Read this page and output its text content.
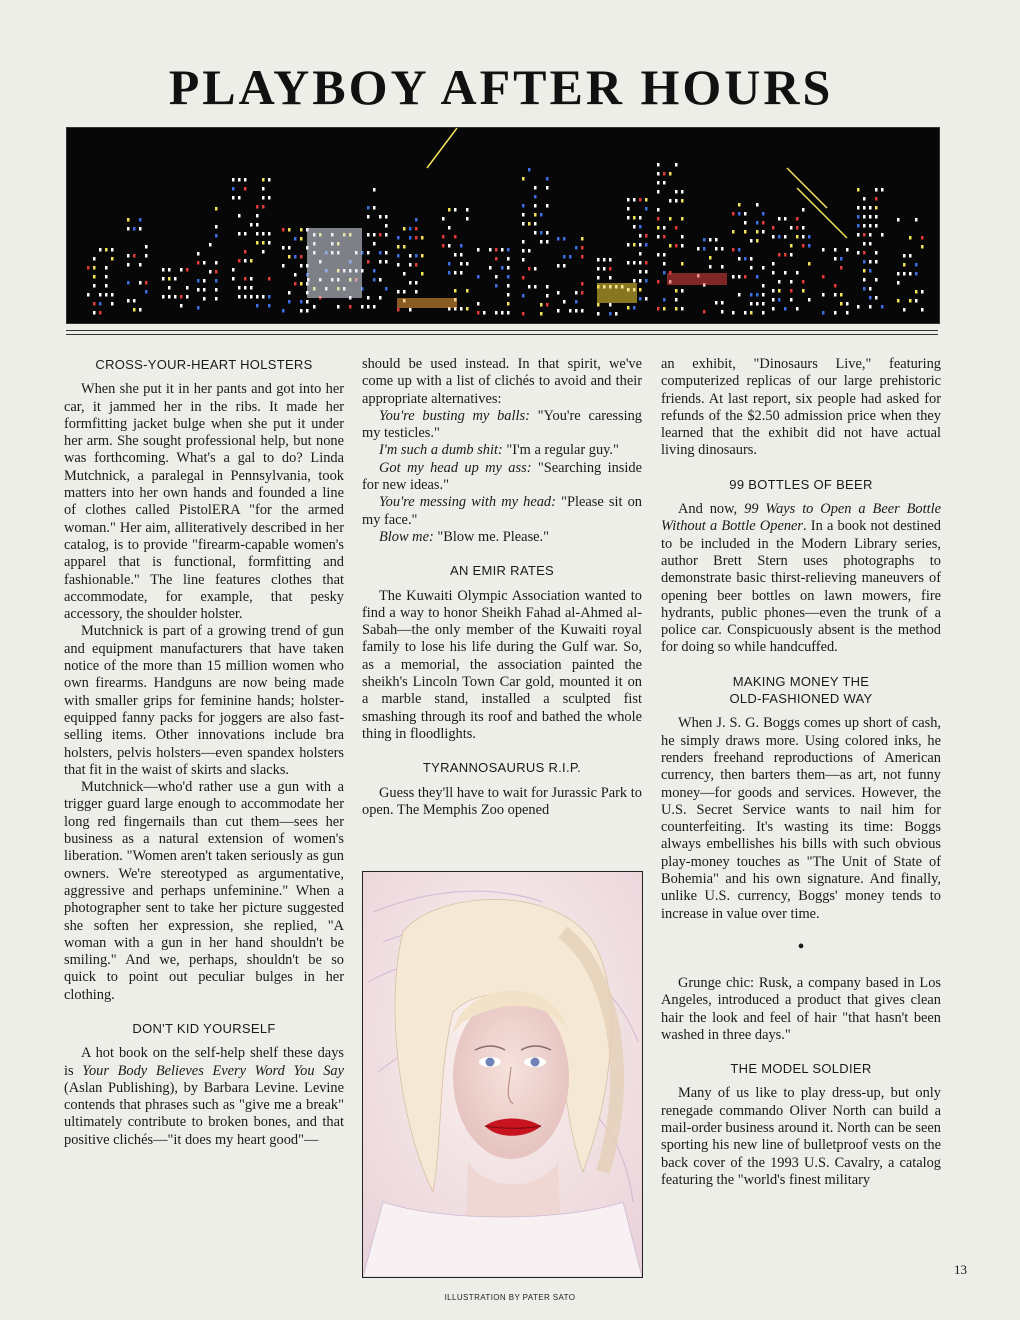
PLAYBOY AFTER HOURS
CROSS-YOUR-HEART HOLSTERS

When she put it in her pants and got into her car, it jammed her in the ribs. It made her formfitting jacket bulge when she put it under her arm. She sought professional help, but none was forthcoming. What's a gal to do? Linda Mutchnick, a paralegal in Pennsylvania, took matters into her own hands and founded a line of clothes called PistolERA "for the armed woman." Her aim, alliteratively described in her catalog, is to provide "firearm-capable women's apparel that is functional, formfitting and fashionable." The line features clothes that accommodate, for example, that pesky accessory, the shoulder holster.

Mutchnick is part of a growing trend of gun and equipment manufacturers that have taken notice of the more than 15 million women who own firearms. Handguns are now being made with smaller grips for feminine hands; holster-equipped fanny packs for joggers are also fast-selling items. Other innovations include bra holsters, pelvis holsters—even spandex holsters that fit in the waist of skirts and slacks.

Mutchnick—who'd rather use a gun with a trigger guard large enough to accommodate her long red fingernails than cut them—sees her business as a natural extension of women's liberation. "Women aren't taken seriously as gun owners. We're stereotyped as argumentative, aggressive and perhaps unfeminine." When a photographer sent to take her picture suggested she soften her expression, she replied, "A woman with a gun in her hand shouldn't be smiling." And we, perhaps, shouldn't be so quick to point out peculiar bulges in her clothing.

DON'T KID YOURSELF

A hot book on the self-help shelf these days is Your Body Believes Every Word You Say (Aslan Publishing), by Barbara Levine. Levine contends that phrases such as "give me a break" ultimately contribute to broken bones, and that positive clichés—"it does my heart good"—

should be used instead. In that spirit, we've come up with a list of clichés to avoid and their appropriate alternatives:

You're busting my balls: "You're caressing my testicles."

I'm such a dumb shit: "I'm a regular guy."

Got my head up my ass: "Searching inside for new ideas."

You're messing with my head: "Please sit on my face."

Blow me: "Blow me. Please."

AN EMIR RATES

The Kuwaiti Olympic Association wanted to find a way to honor Sheikh Fahad al-Ahmed al-Sabah—the only member of the Kuwaiti royal family to lose his life during the Gulf war. So, as a memorial, the association painted the sheikh's Lincoln Town Car gold, mounted it on a marble stand, installed a sculpted fist smashing through its roof and bathed the whole thing in floodlights.

TYRANNOSAURUS R.I.P.

Guess they'll have to wait for Jurassic Park to open. The Memphis Zoo opened

an exhibit, "Dinosaurs Live," featuring computerized replicas of our large prehistoric friends. At last report, six people had asked for refunds of the $2.50 admission price when they learned that the exhibit did not have actual living dinosaurs.

99 BOTTLES OF BEER

And now, 99 Ways to Open a Beer Bottle Without a Bottle Opener. In a book not destined to be included in the Modern Library series, author Brett Stern uses photographs to demonstrate basic thirst-relieving maneuvers of opening beer bottles on lawn mowers, fire hydrants, public phones—even the trunk of a police car. Conspicuously absent is the method for doing so while handcuffed.

MAKING MONEY THE
OLD-FASHIONED WAY

When J. S. G. Boggs comes up short of cash, he simply draws more. Using colored inks, he renders freehand reproductions of American currency, then barters them—as art, not funny money—for goods and services. However, the U.S. Secret Service wants to nail him for counterfeiting. It's wasting its time: Boggs always embellishes his bills with such obvious play-money touches as "The Unit of State of Bohemia" and his own signature. And finally, unlike U.S. currency, Boggs' money tends to increase in value over time.

•

Grunge chic: Rusk, a company based in Los Angeles, introduced a product that gives clean hair the look and feel of hair "that hasn't been washed in three days."

THE MODEL SOLDIER

Many of us like to play dress-up, but only renegade commando Oliver North can build a mail-order business around it. North can be seen sporting his new line of bulletproof vests on the back cover of the 1993 U.S. Cavalry, a catalog featuring the "world's finest military

13
ILLUSTRATION BY PATER SATO
